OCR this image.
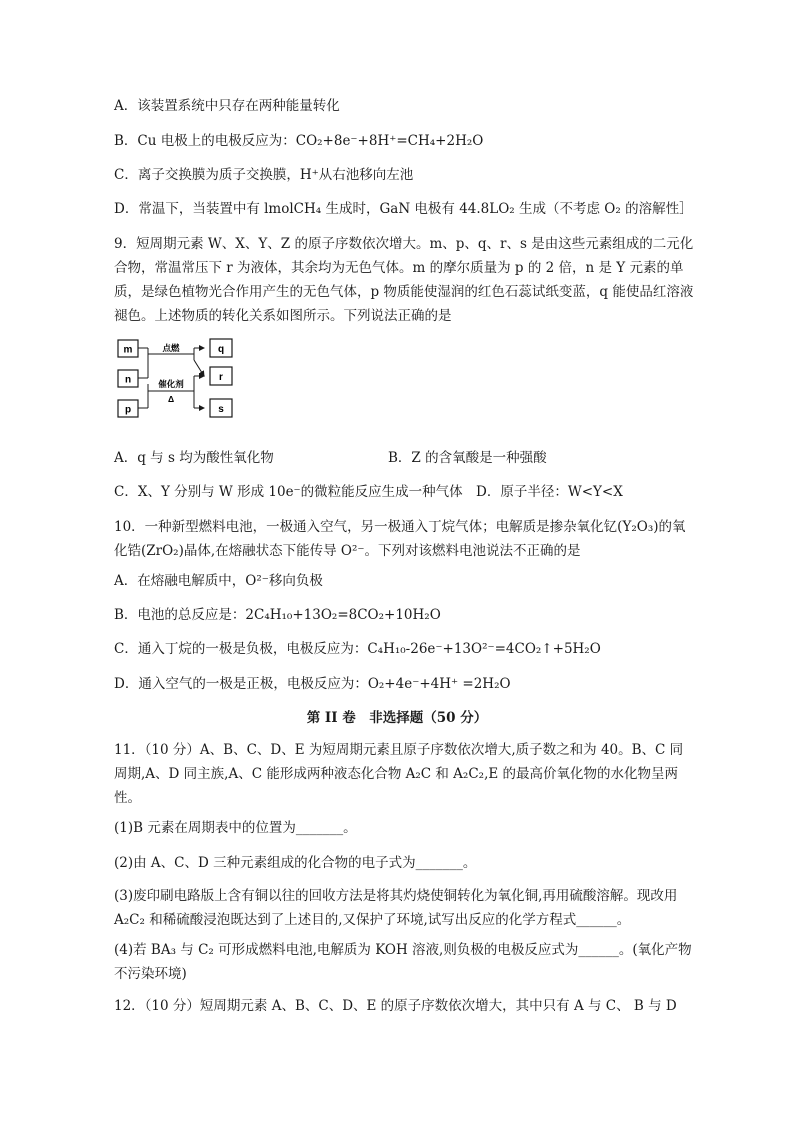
A．该装置系统中只存在两种能量转化
B．Cu 电极上的电极反应为：CO₂+8e⁻+8H⁺=CH₄+2H₂O
C．离子交换膜为质子交换膜，H⁺从右池移向左池
D．常温下，当装置中有 lmolCH₄ 生成时，GaN 电极有 44.8LO₂ 生成（不考虑 O₂ 的溶解性］
9．短周期元素 W、X、Y、Z 的原子序数依次增大。m、p、q、r、s 是由这些元素组成的二元化合物，常温常压下 r 为液体，其余均为无色气体。m 的摩尔质量为 p 的 2 倍，n 是 Y 元素的单质，是绿色植物光合作用产生的无色气体，p 物质能使湿润的红色石蕊试纸变蓝，q 能使品红溶液褪色。上述物质的转化关系如图所示。下列说法正确的是
m
n
p
点燃
催化剂
Δ
q
r
s
A．q 与 s 均为酸性氧化物	B．Z 的含氧酸是一种强酸
C．X、Y 分别与 W 形成 10e⁻的微粒能反应生成一种气体 D．原子半径：W<Y<X
10．一种新型燃料电池，一极通入空气，另一极通入丁烷气体；电解质是掺杂氧化钇(Y₂O₃)的氧化锆(ZrO₂)晶体,在熔融状态下能传导 O²⁻。下列对该燃料电池说法不正确的是
A．在熔融电解质中，O²⁻移向负极
B．电池的总反应是：2C₄H₁₀+13O₂=8CO₂+10H₂O
C．通入丁烷的一极是负极，电极反应为：C₄H₁₀-26e⁻+13O²⁻=4CO₂↑+5H₂O
D．通入空气的一极是正极，电极反应为：O₂+4e⁻+4H⁺ =2H₂O
第 II 卷　非选择题（50 分）
11．（10 分）A、B、C、D、E 为短周期元素且原子序数依次增大,质子数之和为 40。B、C 同周期,A、D 同主族,A、C 能形成两种液态化合物 A₂C 和 A₂C₂,E 的最高价氧化物的水化物呈两性。
(1)B 元素在周期表中的位置为_______。
(2)由 A、C、D 三种元素组成的化合物的电子式为_______。
(3)废印刷电路版上含有铜以往的回收方法是将其灼烧使铜转化为氧化铜,再用硫酸溶解。现改用 A₂C₂ 和稀硫酸浸泡既达到了上述目的,又保护了环境,试写出反应的化学方程式______。
(4)若 BA₃ 与 C₂ 可形成燃料电池,电解质为 KOH 溶液,则负极的电极反应式为______。(氧化产物不污染环境)
12．（10 分）短周期元素 A、B、C、D、E 的原子序数依次增大，其中只有 A 与 C、 B 与 D
